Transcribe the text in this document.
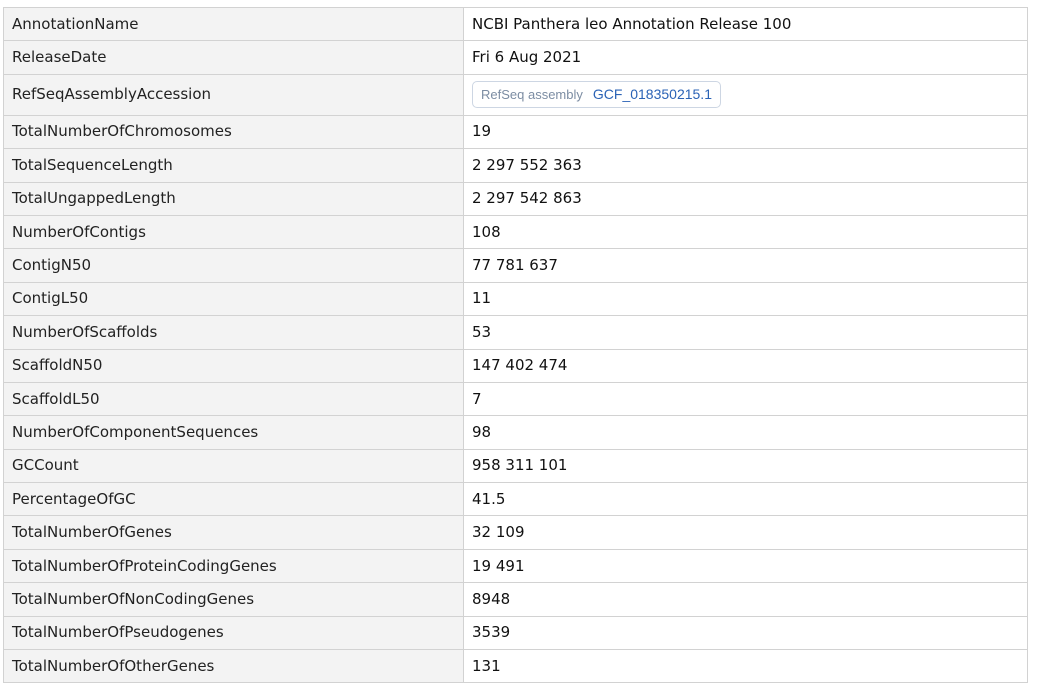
AnnotationName	NCBI Panthera leo Annotation Release 100
ReleaseDate	Fri 6 Aug 2021
RefSeqAssemblyAccession	RefSeq assembly GCF_018350215.1

TotalNumberOfChromosomes	19
TotalSequenceLength	2 297 552 363
TotalUngappedLength	2 297 542 863
NumberOfContigs	108
ContigN50	77 781 637
ContigL50	11
NumberOfScaffolds	53
ScaffoldN50	147 402 474
ScaffoldL50	7
NumberOfComponentSequences	98
GCCount	958 311 101
PercentageOfGC	41.5
TotalNumberOfGenes	32 109
TotalNumberOfProteinCodingGenes	19 491
TotalNumberOfNonCodingGenes	8948
TotalNumberOfPseudogenes	3539
TotalNumberOfOtherGenes	131
